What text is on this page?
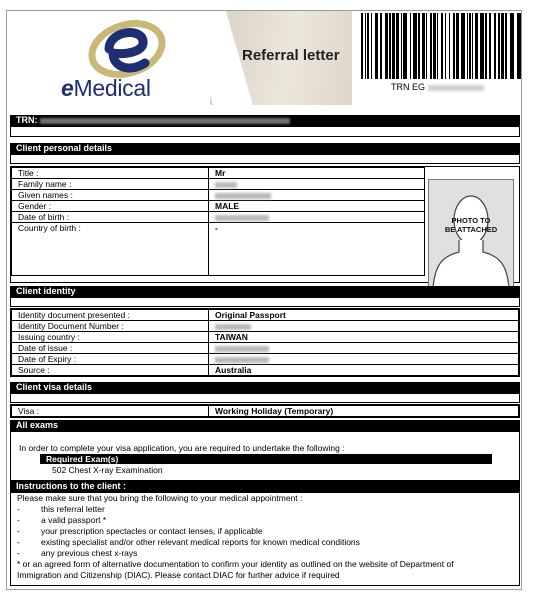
eMedical
Referral letter
TRN EG
TRN:
Client personal details
Title :	Mr
Family name :	
Given names :	
Gender :	MALE
Date of birth :	
Country of birth :	-
PHOTO TO
BE ATTACHED
Client identity
Identity document presented :	Original Passport
Identity Document Number :	
Issuing country :	TAIWAN
Date of issue :	
Date of Expiry :	
Source :	Australia
Client visa details
Visa :	Working Holiday (Temporary)
All exams
In order to complete your visa application, you are required to undertake the following :
Required Exam(s)
502 Chest X-ray Examination
Instructions to the client :
Please make sure that you bring the following to your medical appointment :
- this referral letter
- a valid passport *
- your prescription spectacles or contact lenses, if applicable
- existing specialist and/or other relevant medical reports for known medical conditions
- any previous chest x-rays
* or an agreed form of alternative documentation to confirm your identity as outlined on the website of Department of
Immigration and Citizenship (DIAC). Please contact DIAC for further advice if required
